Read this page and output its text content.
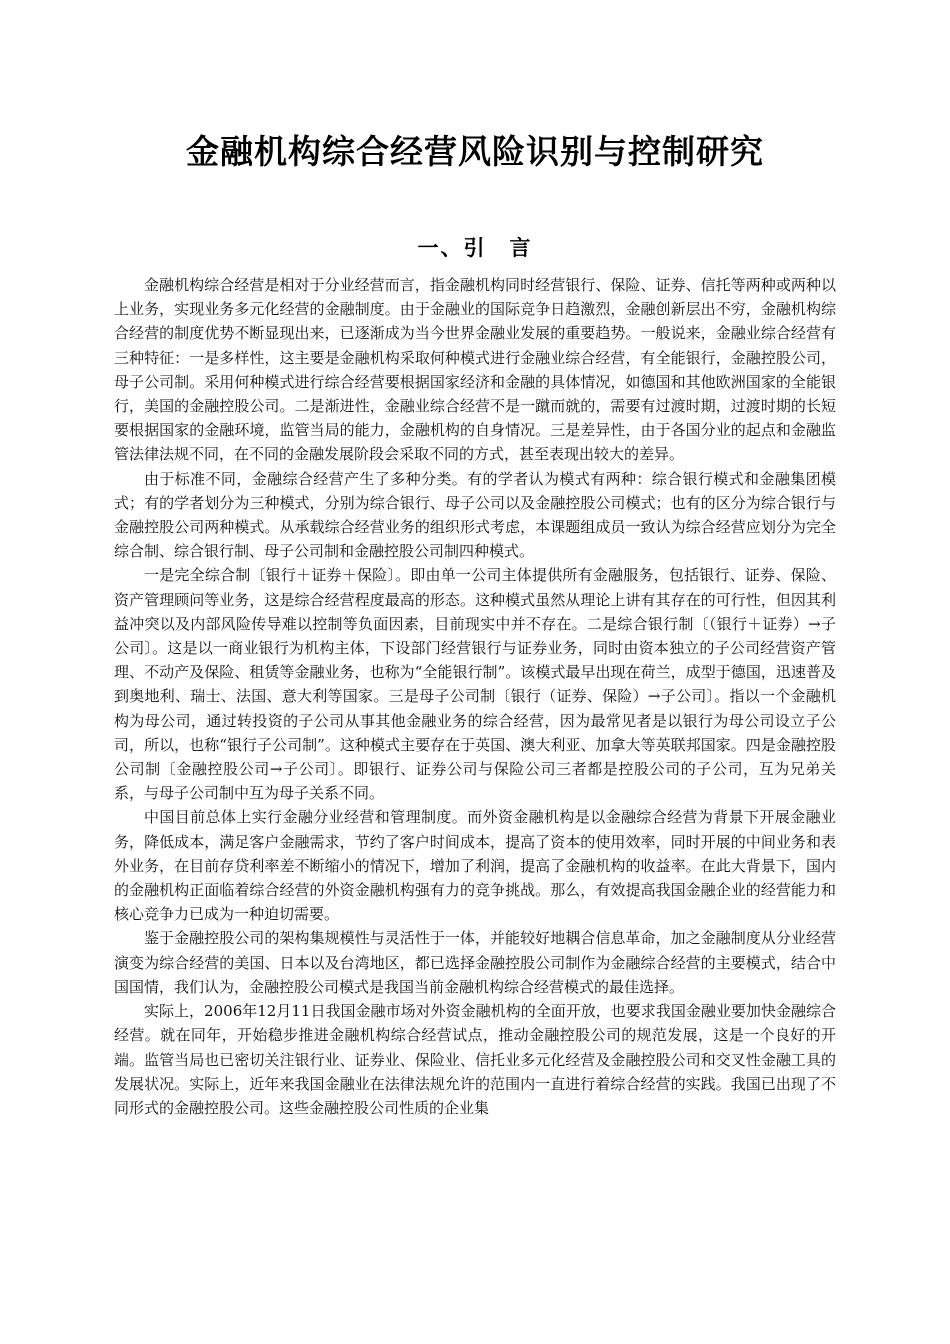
金融机构综合经营风险识别与控制研究
一、引　言

金融机构综合经营是相对于分业经营而言，指金融机构同时经营银行、保险、证券、信托等两种或两种以上业务，实现业务多元化经营的金融制度。由于金融业的国际竞争日趋激烈，金融创新层出不穷，金融机构综合经营的制度优势不断显现出来，已逐渐成为当今世界金融业发展的重要趋势。一般说来，金融业综合经营有三种特征：一是多样性，这主要是金融机构采取何种模式进行金融业综合经营，有全能银行，金融控股公司，母子公司制。采用何种模式进行综合经营要根据国家经济和金融的具体情况，如德国和其他欧洲国家的全能银行，美国的金融控股公司。二是渐进性，金融业综合经营不是一蹴而就的，需要有过渡时期，过渡时期的长短要根据国家的金融环境，监管当局的能力，金融机构的自身情况。三是差异性，由于各国分业的起点和金融监管法律法规不同，在不同的金融发展阶段会采取不同的方式，甚至表现出较大的差异。

由于标准不同，金融综合经营产生了多种分类。有的学者认为模式有两种：综合银行模式和金融集团模式；有的学者划分为三种模式，分别为综合银行、母子公司以及金融控股公司模式；也有的区分为综合银行与金融控股公司两种模式。从承载综合经营业务的组织形式考虑，本课题组成员一致认为综合经营应划分为完全综合制、综合银行制、母子公司制和金融控股公司制四种模式。

一是完全综合制〔银行＋证券＋保险〕。即由单一公司主体提供所有金融服务，包括银行、证券、保险、资产管理顾问等业务，这是综合经营程度最高的形态。这种模式虽然从理论上讲有其存在的可行性，但因其利益冲突以及内部风险传导难以控制等负面因素，目前现实中并不存在。二是综合银行制〔（银行＋证券）→子公司〕。这是以一商业银行为机构主体，下设部门经营银行与证券业务，同时由资本独立的子公司经营资产管理、不动产及保险、租赁等金融业务，也称为“全能银行制”。该模式最早出现在荷兰，成型于德国，迅速普及到奥地利、瑞士、法国、意大利等国家。三是母子公司制〔银行（证券、保险）→子公司〕。指以一个金融机构为母公司，通过转投资的子公司从事其他金融业务的综合经营，因为最常见者是以银行为母公司设立子公司，所以，也称“银行子公司制”。这种模式主要存在于英国、澳大利亚、加拿大等英联邦国家。四是金融控股公司制〔金融控股公司→子公司〕。即银行、证券公司与保险公司三者都是控股公司的子公司，互为兄弟关系，与母子公司制中互为母子关系不同。

中国目前总体上实行金融分业经营和管理制度。而外资金融机构是以金融综合经营为背景下开展金融业务，降低成本，满足客户金融需求，节约了客户时间成本，提高了资本的使用效率，同时开展的中间业务和表外业务，在目前存贷利率差不断缩小的情况下，增加了利润，提高了金融机构的收益率。在此大背景下，国内的金融机构正面临着综合经营的外资金融机构强有力的竞争挑战。那么，有效提高我国金融企业的经营能力和核心竞争力已成为一种迫切需要。

鉴于金融控股公司的架构集规模性与灵活性于一体，并能较好地耦合信息革命，加之金融制度从分业经营演变为综合经营的美国、日本以及台湾地区，都已选择金融控股公司制作为金融综合经营的主要模式，结合中国国情，我们认为，金融控股公司模式是我国当前金融机构综合经营模式的最佳选择。

实际上，2006年12月11日我国金融市场对外资金融机构的全面开放，也要求我国金融业要加快金融综合经营。就在同年，开始稳步推进金融机构综合经营试点，推动金融控股公司的规范发展，这是一个良好的开端。监管当局也已密切关注银行业、证券业、保险业、信托业多元化经营及金融控股公司和交叉性金融工具的发展状况。实际上，近年来我国金融业在法律法规允许的范围内一直进行着综合经营的实践。我国已出现了不同形式的金融控股公司。这些金融控股公司性质的企业集
